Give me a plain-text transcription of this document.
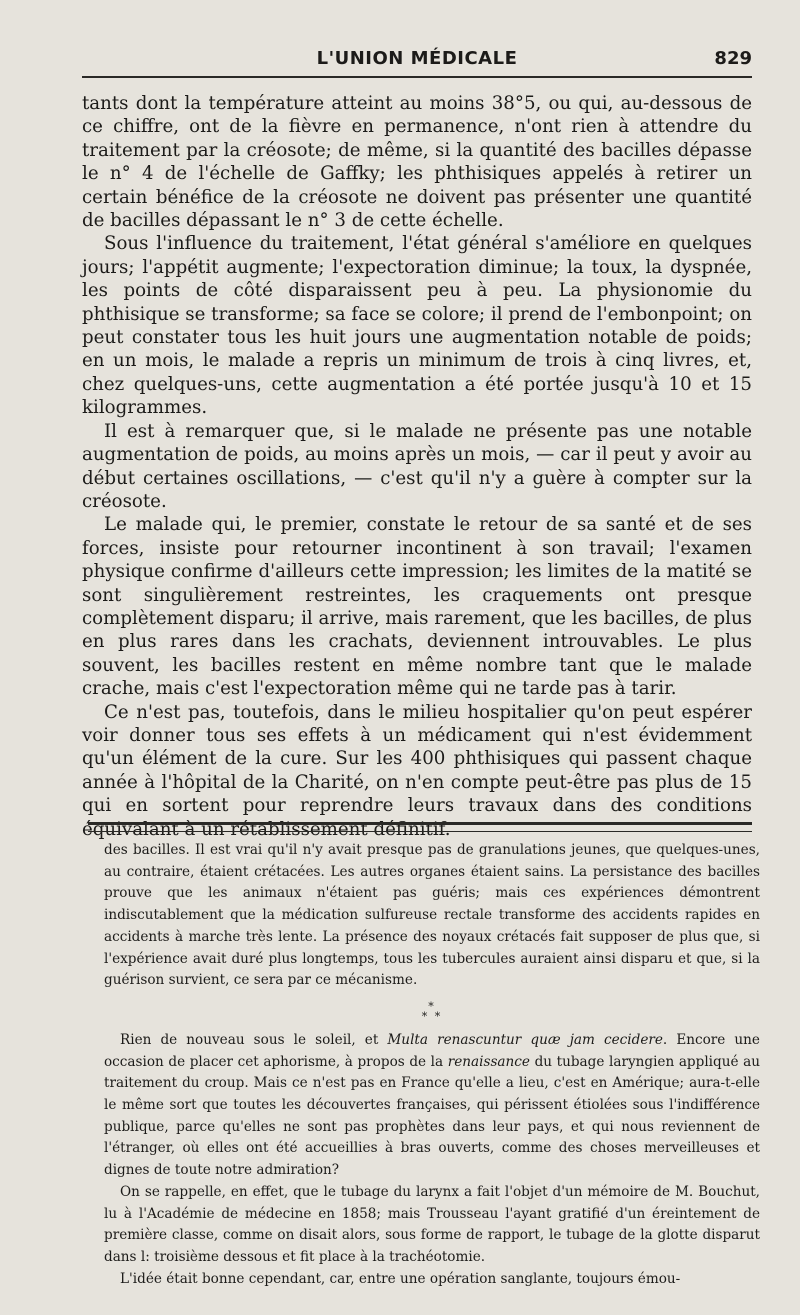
L'UNION MÉDICALE	829

tants dont la température atteint au moins 38°5, ou qui, au-dessous de ce chiffre, ont de la fièvre en permanence, n'ont rien à attendre du traitement par la créosote; de même, si la quantité des bacilles dépasse le n° 4 de l'échelle de Gaffky; les phthisiques appelés à retirer un certain bénéfice de la créosote ne doivent pas présenter une quantité de bacilles dépassant le n° 3 de cette échelle.

Sous l'influence du traitement, l'état général s'améliore en quelques jours; l'appétit augmente; l'expectoration diminue; la toux, la dyspnée, les points de côté disparaissent peu à peu. La physionomie du phthisique se transforme; sa face se colore; il prend de l'embonpoint; on peut constater tous les huit jours une augmentation notable de poids; en un mois, le malade a repris un minimum de trois à cinq livres, et, chez quelques-uns, cette augmentation a été portée jusqu'à 10 et 15 kilogrammes.

Il est à remarquer que, si le malade ne présente pas une notable augmentation de poids, au moins après un mois, — car il peut y avoir au début certaines oscillations, — c'est qu'il n'y a guère à compter sur la créosote.

Le malade qui, le premier, constate le retour de sa santé et de ses forces, insiste pour retourner incontinent à son travail; l'examen physique confirme d'ailleurs cette impression; les limites de la matité se sont singulièrement restreintes, les craquements ont presque complètement disparu; il arrive, mais rarement, que les bacilles, de plus en plus rares dans les crachats, deviennent introuvables. Le plus souvent, les bacilles restent en même nombre tant que le malade crache, mais c'est l'expectoration même qui ne tarde pas à tarir.

Ce n'est pas, toutefois, dans le milieu hospitalier qu'on peut espérer voir donner tous ses effets à un médicament qui n'est évidemment qu'un élément de la cure. Sur les 400 phthisiques qui passent chaque année à l'hôpital de la Charité, on n'en compte peut-être pas plus de 15 qui en sortent pour reprendre leurs travaux dans des conditions équivalant à un rétablissement définitif.

des bacilles. Il est vrai qu'il n'y avait presque pas de granulations jeunes, que quelques-unes, au contraire, étaient crétacées. Les autres organes étaient sains. La persistance des bacilles prouve que les animaux n'étaient pas guéris; mais ces expériences démontrent indiscutablement que la médication sulfureuse rectale transforme des accidents rapides en accidents à marche très lente. La présence des noyaux crétacés fait supposer de plus que, si l'expérience avait duré plus longtemps, tous les tubercules auraient ainsi disparu et que, si la guérison survient, ce sera par ce mécanisme.

*
* *

Rien de nouveau sous le soleil, et Multa renascuntur quæ jam cecidere. Encore une occasion de placer cet aphorisme, à propos de la renaissance du tubage laryngien appliqué au traitement du croup. Mais ce n'est pas en France qu'elle a lieu, c'est en Amérique; aura-t-elle le même sort que toutes les découvertes françaises, qui périssent étiolées sous l'indifférence publique, parce qu'elles ne sont pas prophètes dans leur pays, et qui nous reviennent de l'étranger, où elles ont été accueillies à bras ouverts, comme des choses merveilleuses et dignes de toute notre admiration?

On se rappelle, en effet, que le tubage du larynx a fait l'objet d'un mémoire de M. Bouchut, lu à l'Académie de médecine en 1858; mais Trousseau l'ayant gratifié d'un éreintement de première classe, comme on disait alors, sous forme de rapport, le tubage de la glotte disparut dans l: troisième dessous et fit place à la trachéotomie.

L'idée était bonne cependant, car, entre une opération sanglante, toujours émou-
